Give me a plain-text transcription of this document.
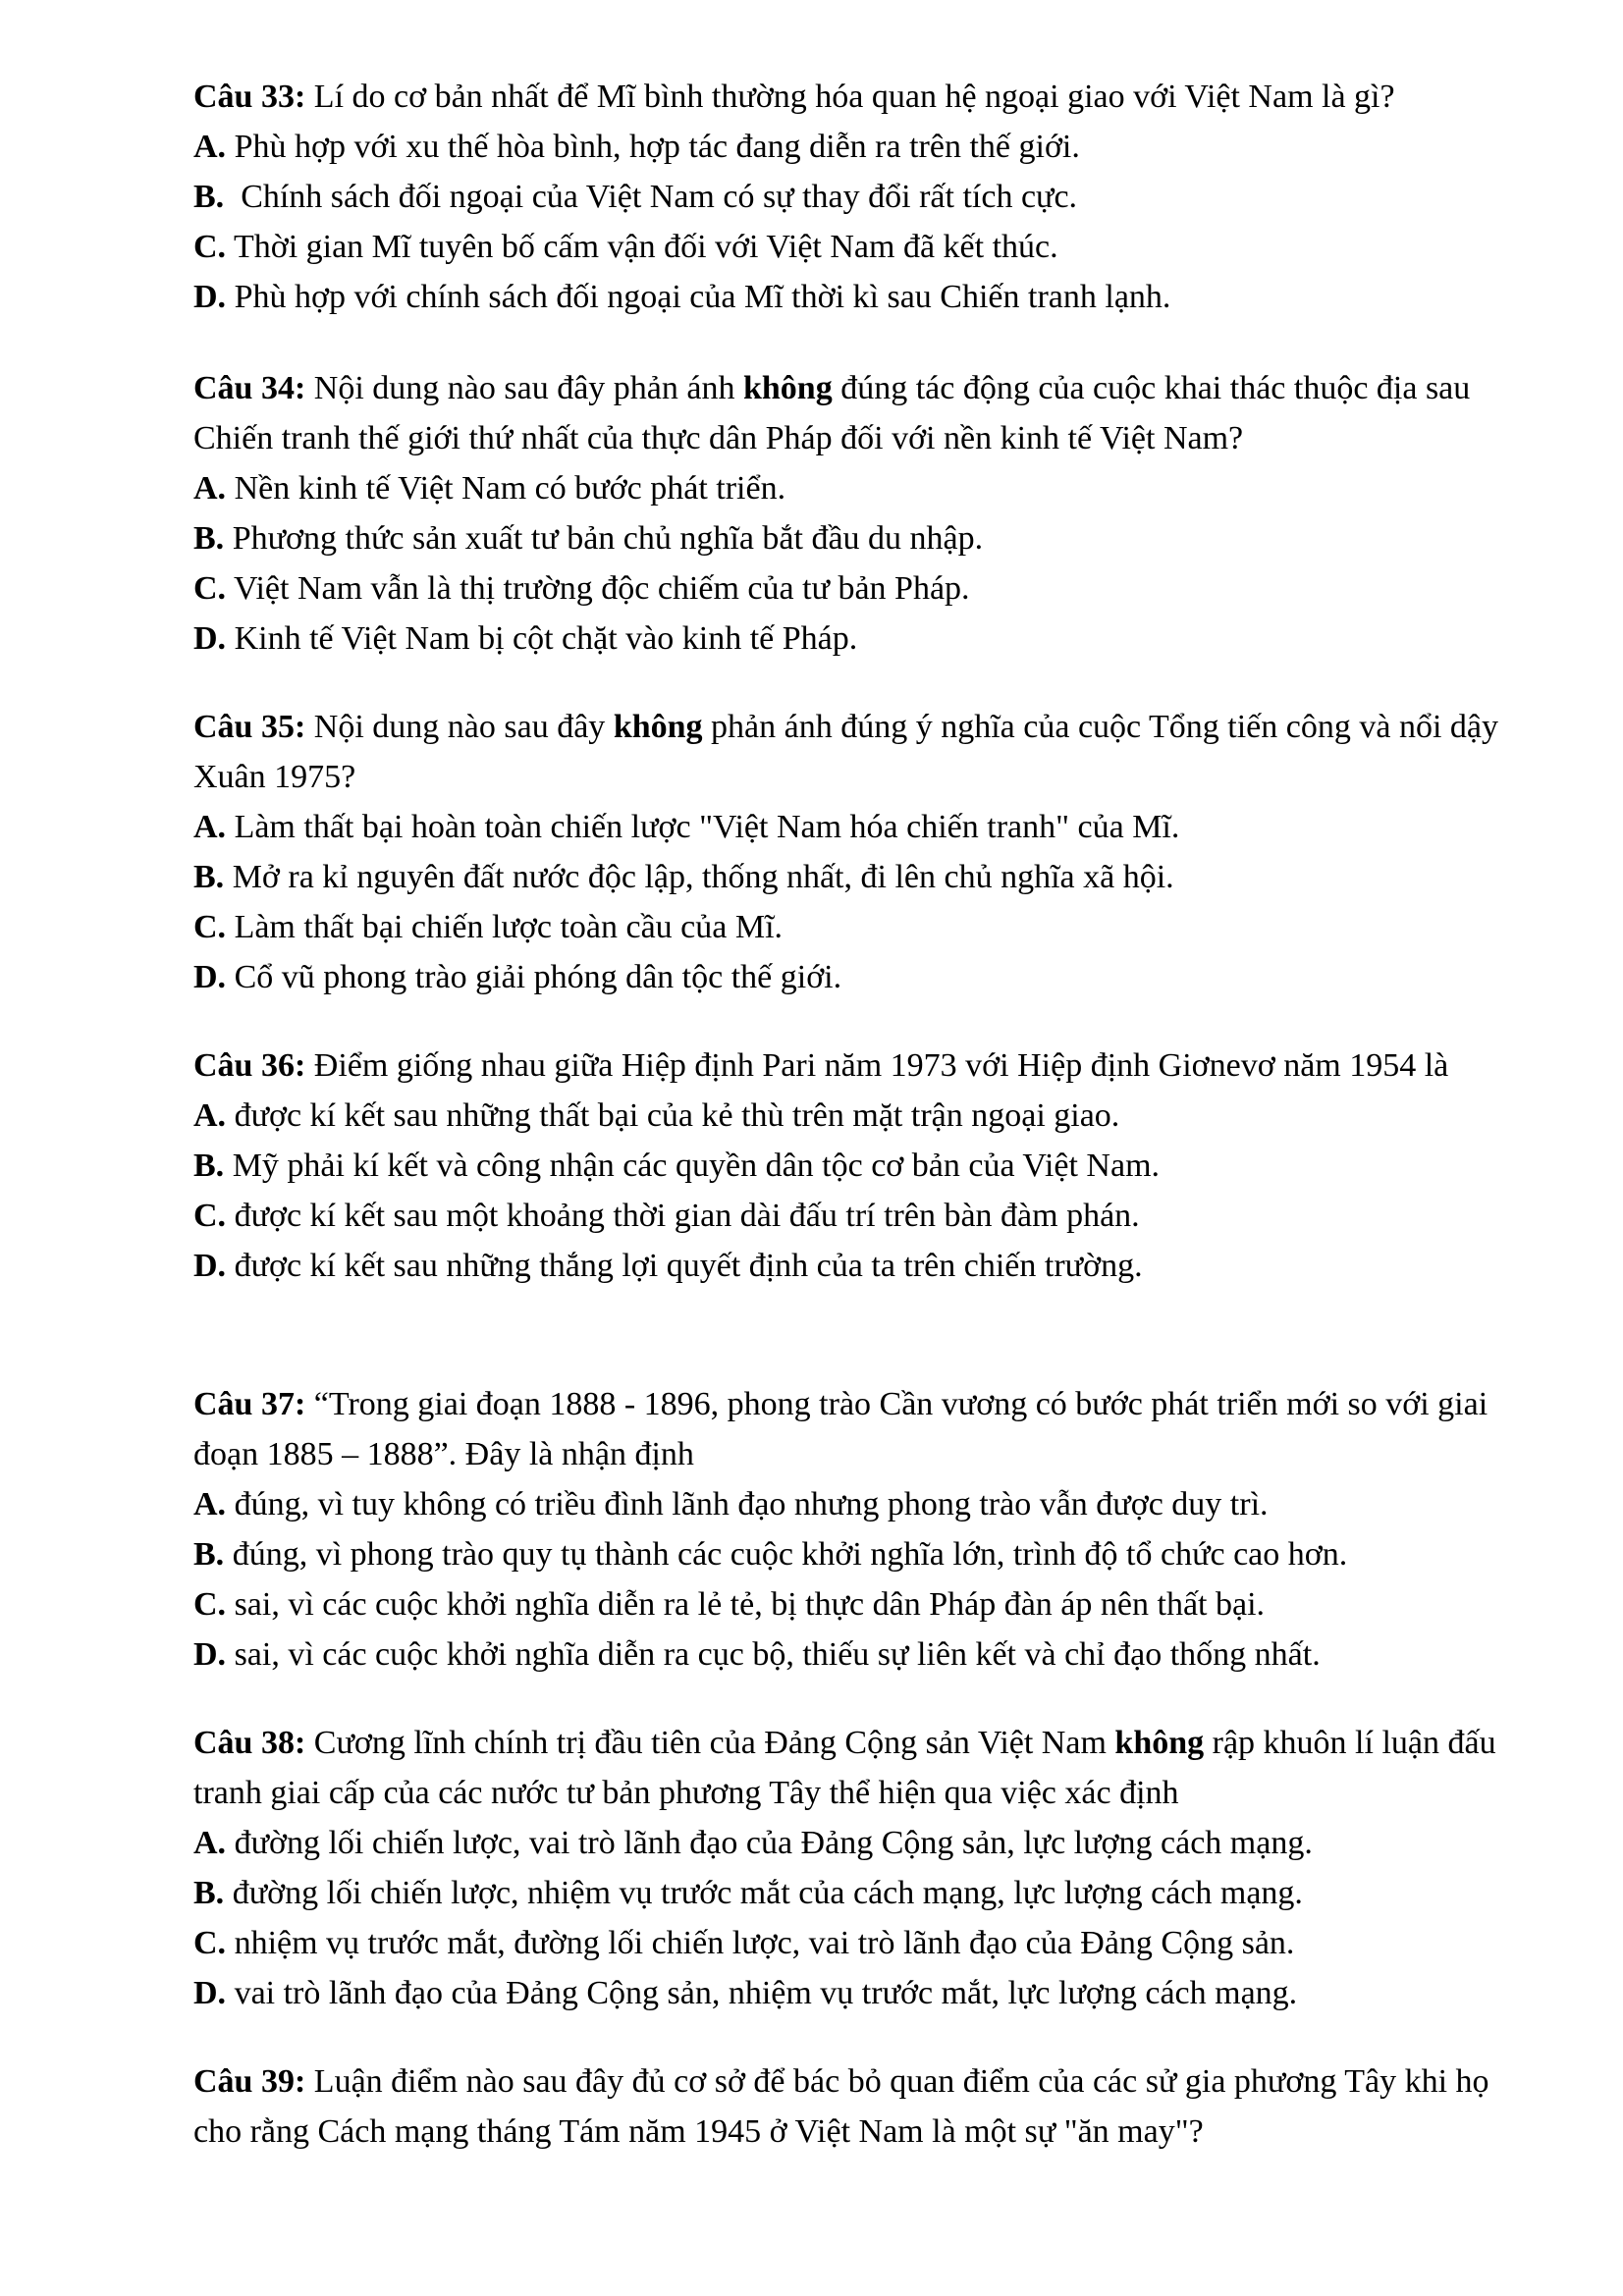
Câu 33: Lí do cơ bản nhất để Mĩ bình thường hóa quan hệ ngoại giao với Việt Nam là gì?

A. Phù hợp với xu thế hòa bình, hợp tác đang diễn ra trên thế giới.

B.  Chính sách đối ngoại của Việt Nam có sự thay đổi rất tích cực.

C. Thời gian Mĩ tuyên bố cấm vận đối với Việt Nam đã kết thúc.

D. Phù hợp với chính sách đối ngoại của Mĩ thời kì sau Chiến tranh lạnh.

Câu 34: Nội dung nào sau đây phản ánh không đúng tác động của cuộc khai thác thuộc địa sau Chiến tranh thế giới thứ nhất của thực dân Pháp đối với nền kinh tế Việt Nam?

A. Nền kinh tế Việt Nam có bước phát triển.

B. Phương thức sản xuất tư bản chủ nghĩa bắt đầu du nhập.

C. Việt Nam vẫn là thị trường độc chiếm của tư bản Pháp.

D. Kinh tế Việt Nam bị cột chặt vào kinh tế Pháp.

Câu 35: Nội dung nào sau đây không phản ánh đúng ý nghĩa của cuộc Tổng tiến công và nổi dậy Xuân 1975?

A. Làm thất bại hoàn toàn chiến lược "Việt Nam hóa chiến tranh" của Mĩ.

B. Mở ra kỉ nguyên đất nước độc lập, thống nhất, đi lên chủ nghĩa xã hội.

C. Làm thất bại chiến lược toàn cầu của Mĩ.

D. Cổ vũ phong trào giải phóng dân tộc thế giới.

Câu 36: Điểm giống nhau giữa Hiệp định Pari năm 1973 với Hiệp định Giơnevơ năm 1954 là

A. được kí kết sau những thất bại của kẻ thù trên mặt trận ngoại giao.

B. Mỹ phải kí kết và công nhận các quyền dân tộc cơ bản của Việt Nam.

C. được kí kết sau một khoảng thời gian dài đấu trí trên bàn đàm phán.

D. được kí kết sau những thắng lợi quyết định của ta trên chiến trường.

Câu 37: “Trong giai đoạn 1888 - 1896, phong trào Cần vương có bước phát triển mới so với giai đoạn 1885 – 1888”. Đây là nhận định

A. đúng, vì tuy không có triều đình lãnh đạo nhưng phong trào vẫn được duy trì.

B. đúng, vì phong trào quy tụ thành các cuộc khởi nghĩa lớn, trình độ tổ chức cao hơn.

C. sai, vì các cuộc khởi nghĩa diễn ra lẻ tẻ, bị thực dân Pháp đàn áp nên thất bại.

D. sai, vì các cuộc khởi nghĩa diễn ra cục bộ, thiếu sự liên kết và chỉ đạo thống nhất.

Câu 38: Cương lĩnh chính trị đầu tiên của Đảng Cộng sản Việt Nam không rập khuôn lí luận đấu tranh giai cấp của các nước tư bản phương Tây thể hiện qua việc xác định

A. đường lối chiến lược, vai trò lãnh đạo của Đảng Cộng sản, lực lượng cách mạng.

B. đường lối chiến lược, nhiệm vụ trước mắt của cách mạng, lực lượng cách mạng.

C. nhiệm vụ trước mắt, đường lối chiến lược, vai trò lãnh đạo của Đảng Cộng sản.

D. vai trò lãnh đạo của Đảng Cộng sản, nhiệm vụ trước mắt, lực lượng cách mạng.

Câu 39: Luận điểm nào sau đây đủ cơ sở để bác bỏ quan điểm của các sử gia phương Tây khi họ cho rằng Cách mạng tháng Tám năm 1945 ở Việt Nam là một sự "ăn may"?
